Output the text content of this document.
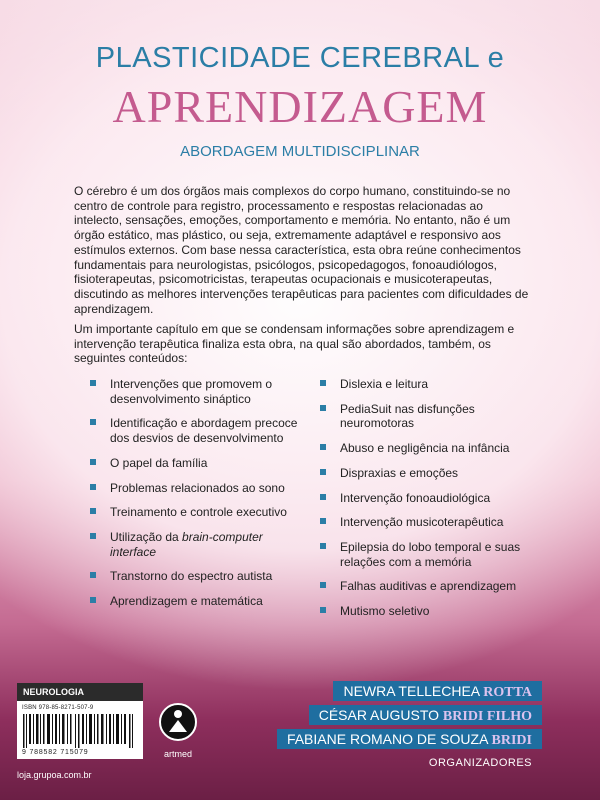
PLASTICIDADE CEREBRAL e
APRENDIZAGEM
ABORDAGEM MULTIDISCIPLINAR

O cérebro é um dos órgãos mais complexos do corpo humano, constituindo-se no centro de controle para registro, processamento e respostas relacionadas ao intelecto, sensações, emoções, comportamento e memória. No entanto, não é um órgão estático, mas plástico, ou seja, extremamente adaptável e responsivo aos estímulos externos. Com base nessa característica, esta obra reúne conhecimentos fundamentais para neurologistas, psicólogos, psicopedagogos, fonoaudiólogos, fisioterapeutas, psicomotricistas, terapeutas ocupacionais e musicoterapeutas, discutindo as melhores intervenções terapêuticas para pacientes com dificuldades de aprendizagem.

Um importante capítulo em que se condensam informações sobre aprendizagem e intervenção terapêutica finaliza esta obra, na qual são abordados, também, os seguintes conteúdos:

Intervenções que promovem o desenvolvimento sináptico
Identificação e abordagem precoce dos desvios de desenvolvimento
O papel da família
Problemas relacionados ao sono
Treinamento e controle executivo
Utilização da brain-computer interface
Transtorno do espectro autista
Aprendizagem e matemática
Dislexia e leitura
PediaSuit nas disfunções neuromotoras
Abuso e negligência na infância
Dispraxias e emoções
Intervenção fonoaudiológica
Intervenção musicoterapêutica
Epilepsia do lobo temporal e suas relações com a memória
Falhas auditivas e aprendizagem
Mutismo seletivo
NEUROLOGIA
ISBN 978-85-8271-507-9
9 788582 715079
loja.grupoa.com.br
artmed
NEWRA TELLECHEA ROTTA
CÉSAR AUGUSTO BRIDI FILHO
FABIANE ROMANO DE SOUZA BRIDI
ORGANIZADORES
